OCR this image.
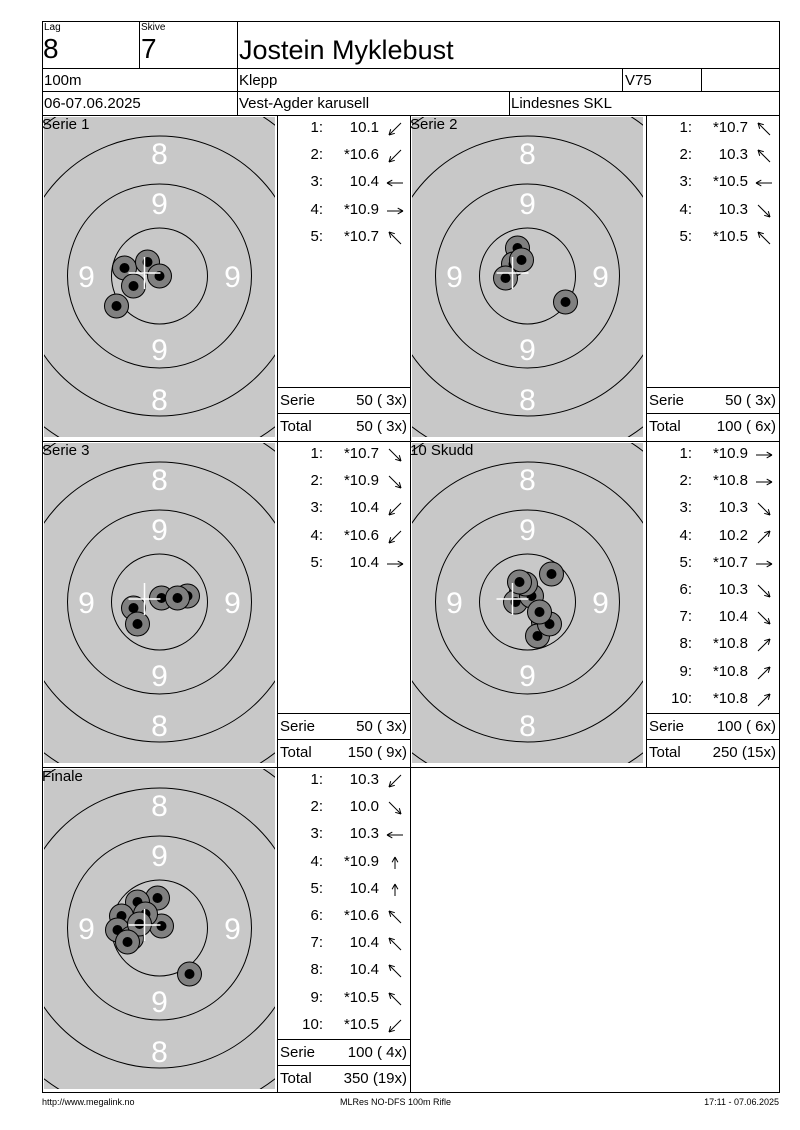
Lag
8
Skive
7	Jostein Myklebust
100m	Klepp	V75
06-07.06.2025	Vest-Agder karusell	Lindesnes SKL
8
9
9	9
9
8
Serie 1	1:	10.1
2:	*10.6
3:	10.4
4:	*10.9
5:	*10.7
Serie	50 ( 3x)
Total	50 ( 3x)
8
9
9	9
9
8
Serie 2	1:	*10.7
2:	10.3
3:	*10.5
4:	10.3
5:	*10.5
Serie	50 ( 3x)
Total 100 ( 6x)
8
9
9	9
9
8
Serie 3	1:	*10.7
2:	*10.9
3:	10.4
4:	*10.6
5:	10.4
Serie	50 ( 3x)
Total 150 ( 9x)
8
9
9	9
9
8
10 Skudd	1:	*10.9
2:	*10.8
3:	10.3
4:	10.2
5:	*10.7
6:	10.3
7:	10.4
8:	*10.8
9:	*10.8
10:	*10.8
Serie 100 ( 6x)
Total 250 (15x)
8
9
9	9
9
8
Finale	1:	10.3
2:	10.0
3:	10.3
4:	*10.9
5:	10.4
6:	*10.6
7:	10.4
8:	10.4
9:	*10.5
10:	*10.5
Serie 100 ( 4x)
Total 350 (19x)
http://www.megalink.no	MLRes NO-DFS 100m Rifle	17:11 - 07.06.2025
